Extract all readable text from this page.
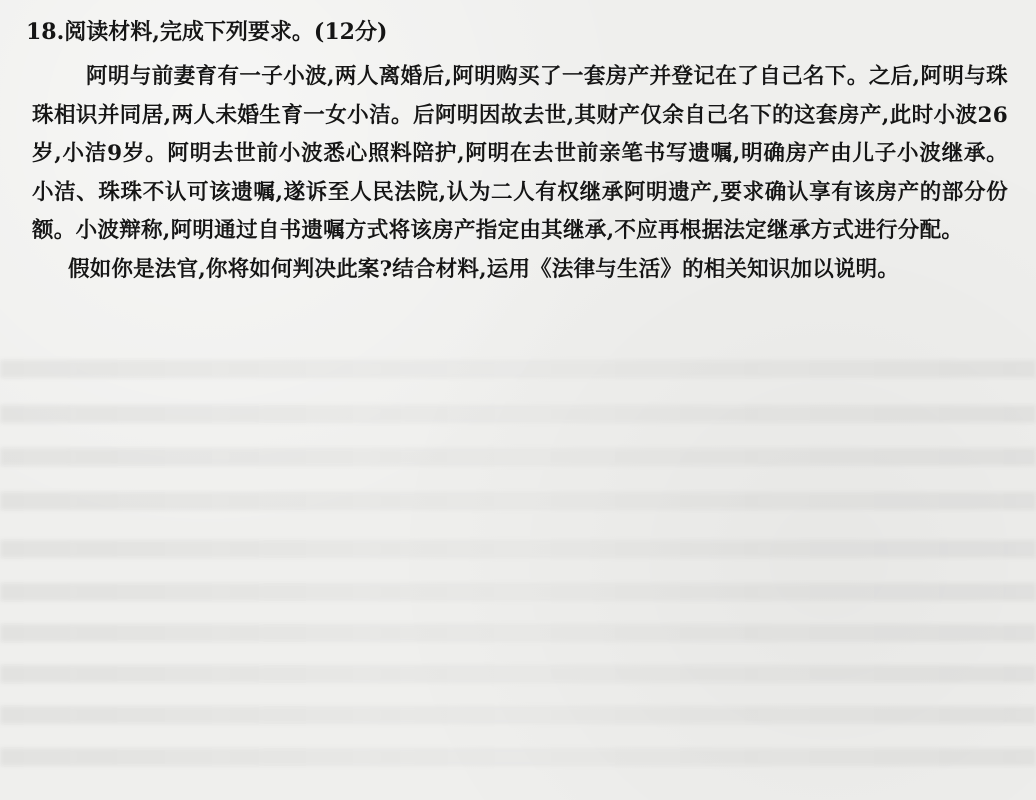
18.阅读材料,完成下列要求。(12分)
阿明与前妻育有一子小波,两人离婚后,阿明购买了一套房产并登记在了自己名下。之后,阿明与珠珠相识并同居,两人未婚生育一女小洁。后阿明因故去世,其财产仅余自己名下的这套房产,此时小波26岁,小洁9岁。阿明去世前小波悉心照料陪护,阿明在去世前亲笔书写遗嘱,明确房产由儿子小波继承。小洁、珠珠不认可该遗嘱,遂诉至人民法院,认为二人有权继承阿明遗产,要求确认享有该房产的部分份额。小波辩称,阿明通过自书遗嘱方式将该房产指定由其继承,不应再根据法定继承方式进行分配。
假如你是法官,你将如何判决此案?结合材料,运用《法律与生活》的相关知识加以说明。
